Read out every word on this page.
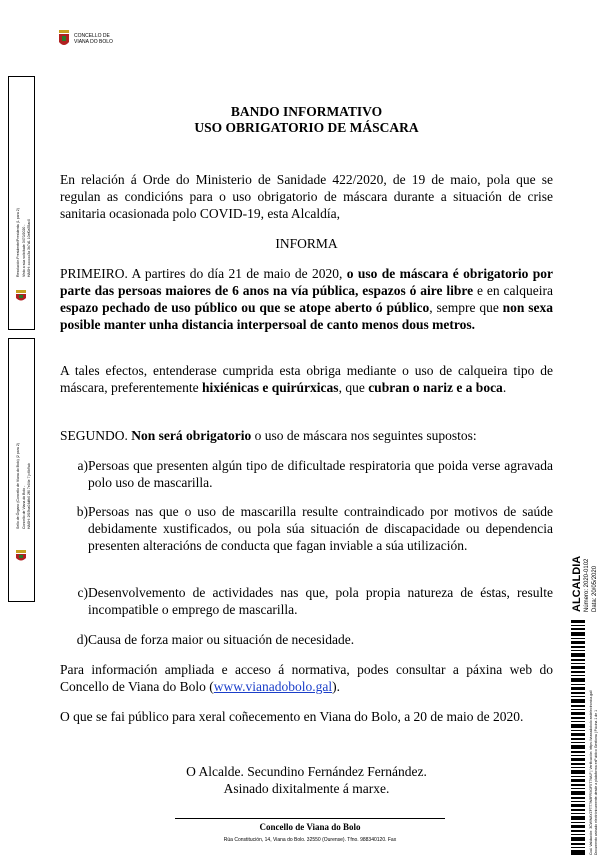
CONCELLO DE
VIANA DO BOLO
Resolución Presidente/Presidenta (1 para 2) Visto a súa solicitude 3470/2020 - HASH: xxxxxx3a 3b7d1 10ef0a55ac0
Sello de Órgano (Concello de Viana do Bolo) (2 para 2) Concello de Viana do Bolo - HASH: 2f19ba04dfb0 2f0 7e04e 7 jc6b9ab
BANDO INFORMATIVO
USO OBRIGATORIO DE MÁSCARA

En relación á Orde do Ministerio de Sanidade 422/2020, de 19 de maio, pola que se regulan as condicións para o uso obrigatorio de máscara durante a situación de crise sanitaria ocasionada polo COVID-19, esta Alcaldía,

INFORMA

PRIMEIRO. A partires do día 21 de maio de 2020, o uso de máscara é obrigatorio por parte das persoas maiores de 6 anos na vía pública, espazos ó aire libre e en calqueira espazo pechado de uso público ou que se atope aberto ó público, sempre que non sexa posible manter unha distancia interpersoal de canto menos dous metros.

A tales efectos, entenderase cumprida esta obriga mediante o uso de calqueira tipo de máscara, preferentemente hixiénicas e quirúrxicas, que cubran o nariz e a boca.

SEGUNDO. Non será obrigatorio o uso de máscara nos seguintes supostos:

a) Persoas que presenten algún tipo de dificultade respiratoria que poida verse agravada polo uso de mascarilla.
b) Persoas nas que o uso de mascarilla resulte contraindicado por motivos de saúde debidamente xustificados, ou pola súa situación de discapacidade ou dependencia presenten alteracións de conducta que fagan inviable a súa utilización.
c) Desenvolvemento de actividades nas que, pola propia natureza de éstas, resulte incompatible o emprego de mascarilla.
d) Causa de forza maior ou situación de necesidade.

Para información ampliada e acceso á normativa, podes consultar a páxina web do Concello de Viana do Bolo (www.vianadobolo.gal).

O que se fai público para xeral coñecemento en Viana do Bolo, a 20 de maio de 2020.

O Alcalde. Secundino Fernández Fernández.

Asinado dixitalmente á marxe.

Concello de Viana do Bolo
Rúa Constitución, 14, Viana do Bolo. 32550 (Ourense). Tfno. 988340120. Fax
ALCALDIA Número: 2020-0102 Data: 20/05/2020
Cod. Validación: 3CWWAYZFTT7W8FRXGF5T7WLF | Verificación: https://vianadobolo.sedelectronica.gal/ Documento asinado electrónicamente desde a plataforma esPublico Gestiona | Páxina 1 de 1
